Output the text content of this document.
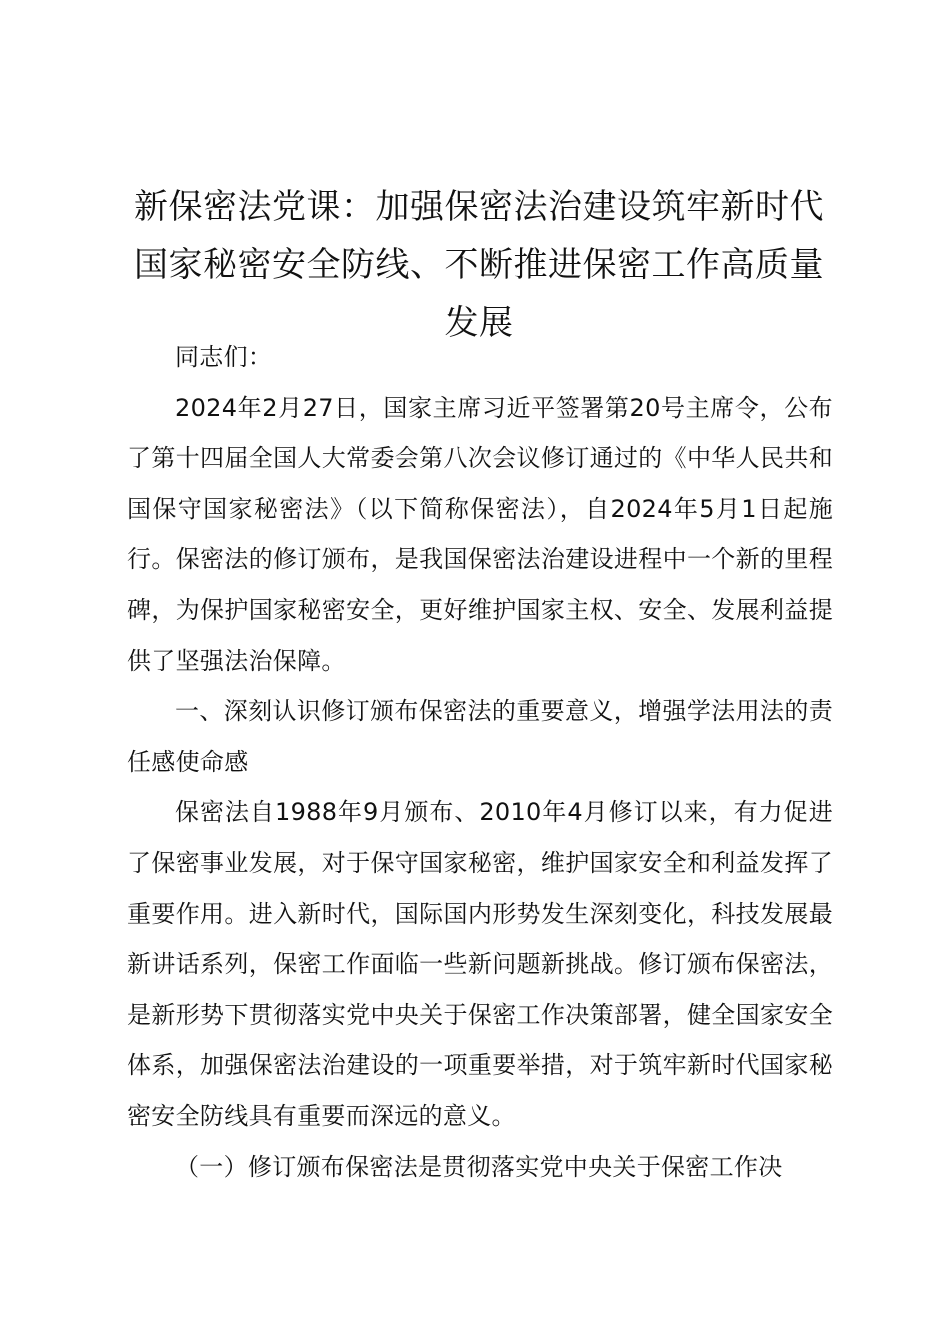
新保密法党课：加强保密法治建设筑牢新时代国家秘密安全防线、不断推进保密工作高质量发展

同志们：

2024年2月27日，国家主席习近平签署第20号主席令，公布了第十四届全国人大常委会第八次会议修订通过的《中华人民共和国保守国家秘密法》（以下简称保密法），自2024年5月1日起施行。保密法的修订颁布，是我国保密法治建设进程中一个新的里程碑，为保护国家秘密安全，更好维护国家主权、安全、发展利益提供了坚强法治保障。

一、深刻认识修订颁布保密法的重要意义，增强学法用法的责任感使命感

保密法自1988年9月颁布、2010年4月修订以来，有力促进了保密事业发展，对于保守国家秘密，维护国家安全和利益发挥了重要作用。进入新时代，国际国内形势发生深刻变化，科技发展最新讲话系列，保密工作面临一些新问题新挑战。修订颁布保密法，是新形势下贯彻落实党中央关于保密工作决策部署，健全国家安全体系，加强保密法治建设的一项重要举措，对于筑牢新时代国家秘密安全防线具有重要而深远的意义。

（一）修订颁布保密法是贯彻落实党中央关于保密工作决
